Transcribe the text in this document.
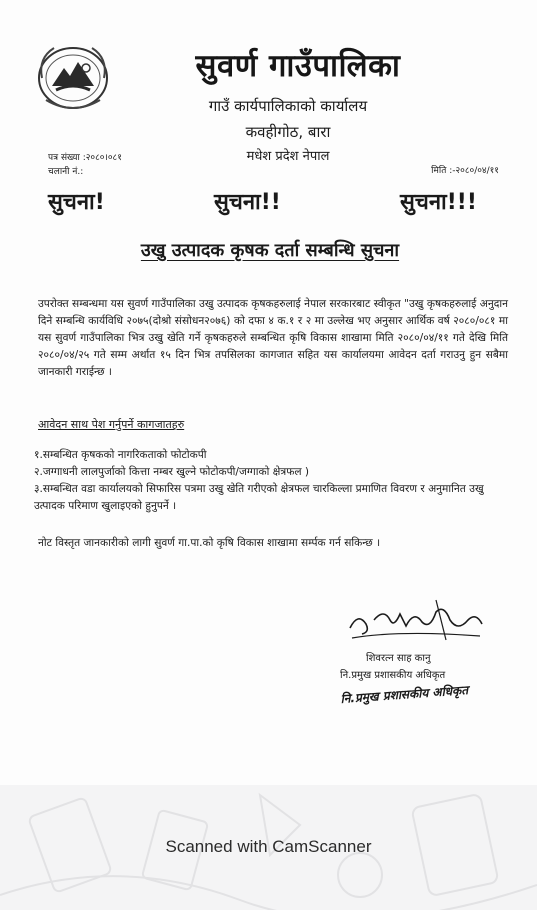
सुवर्ण गाउँपालिका
गाउँ कार्यपालिकाको कार्यालय
कवहीगोठ, बारा
मधेश प्रदेश नेपाल
पत्र संख्या :२०८०।०८१
चलानी नं.:	मिति :-२०८०/०४/११
सुचना!	सुचना!!	सुचना!!!
उखु उत्पादक कृषक दर्ता सम्बन्धि सुचना
उपरोक्त सम्बन्धमा यस सुवर्ण गाउँपालिका उखु उत्पादक कृषकहरुलाई नेपाल सरकारबाट स्वीकृत "उखु कृषकहरुलाई अनुदान दिने सम्बन्धि कार्यविधि २०७५(दोश्रो संसोधन२०७६) को दफा ४ क.१ र २ मा उल्लेख भए अनुसार आर्थिक वर्ष २०८०/०८१ मा यस सुवर्ण गाउँपालिका भित्र उखु खेति गर्ने कृषकहरुले सम्बन्धित कृषि विकास शाखामा मिति २०८०/०४/११ गते देखि मिति २०८०/०४/२५ गते सम्म अर्थात १५ दिन भित्र तपसिलका कागजात सहित यस कार्यालयमा आवेदन दर्ता गराउनु हुन सबैमा जानकारी गराईन्छ ।
आवेदन साथ पेश गर्नुपर्ने कागजातहरु
१.सम्बन्धित कृषकको नागरिकताको फोटोकपी
२.जग्गाधनी लालपुर्जाको कित्ता नम्बर खुल्ने फोटोकपी/जग्गाको क्षेत्रफल )
३.सम्बन्धित वडा कार्यालयको सिफारिस पत्रमा उखु खेति गरीएको क्षेत्रफल चारकिल्ला प्रमाणित विवरण र अनुमानित उखु उत्पादक परिमाण खुलाइएको हुनुपर्ने ।
नोट विस्तृत जानकारीको लागी सुवर्ण गा.पा.को कृषि विकास शाखामा सर्म्पक गर्न सकिन्छ ।
शिवरत्न साह कानु
नि.प्रमुख प्रशासकीय अधिकृत
नि.प्रमुख प्रशासकीय अधिकृत
Scanned with CamScanner
